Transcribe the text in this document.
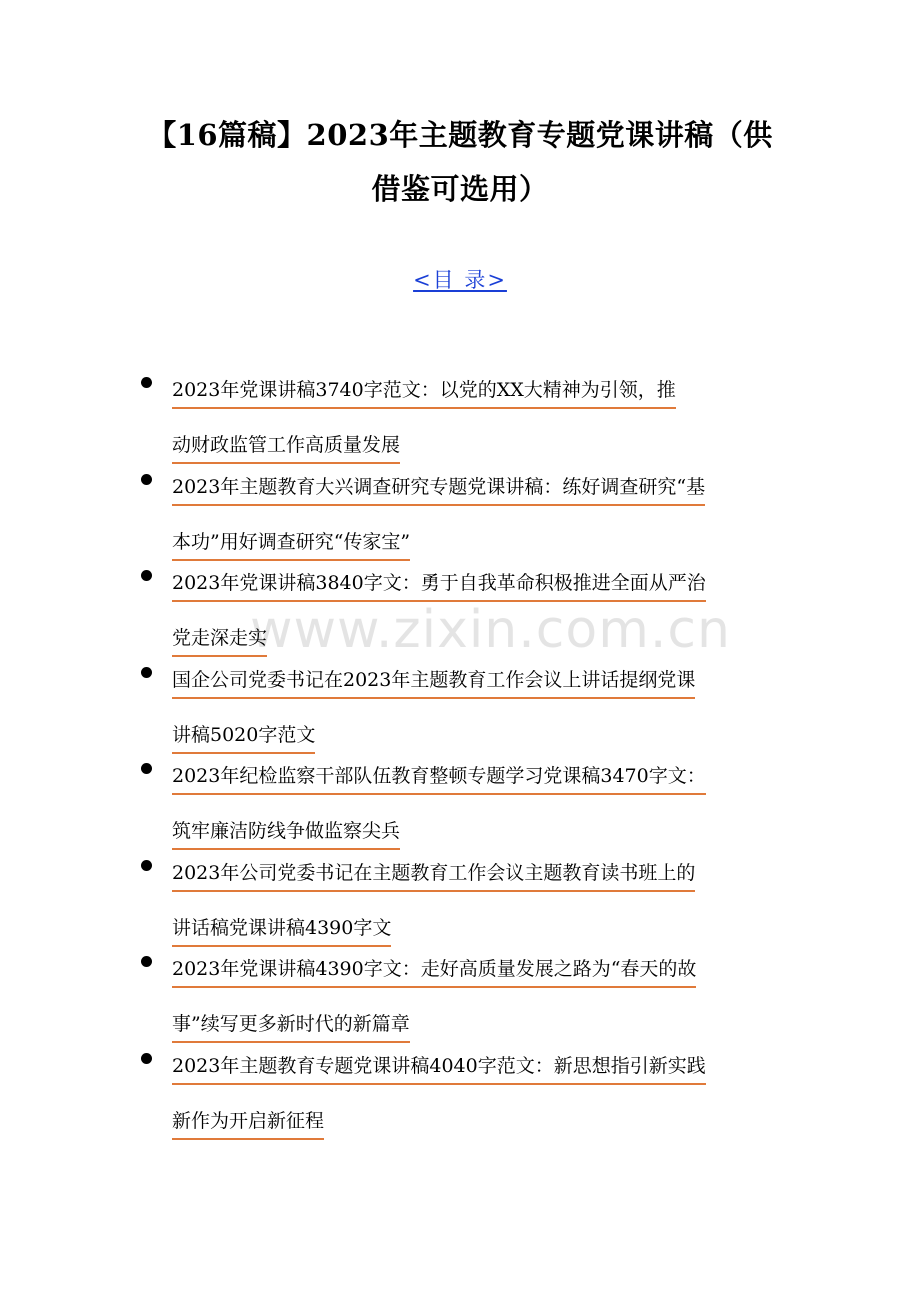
【16篇稿】2023年主题教育专题党课讲稿（供
借鉴可选用）
<目 录>
www.zixin.com.cn
2023年党课讲稿3740字范文：以党的XX大精神为引领，推
动财政监管工作高质量发展
2023年主题教育大兴调查研究专题党课讲稿：练好调查研究“基
本功”用好调查研究“传家宝”
2023年党课讲稿3840字文：勇于自我革命积极推进全面从严治
党走深走实
国企公司党委书记在2023年主题教育工作会议上讲话提纲党课
讲稿5020字范文
2023年纪检监察干部队伍教育整顿专题学习党课稿3470字文：
筑牢廉洁防线争做监察尖兵
2023年公司党委书记在主题教育工作会议主题教育读书班上的
讲话稿党课讲稿4390字文
2023年党课讲稿4390字文：走好高质量发展之路为“春天的故
事”续写更多新时代的新篇章
2023年主题教育专题党课讲稿4040字范文：新思想指引新实践
新作为开启新征程
